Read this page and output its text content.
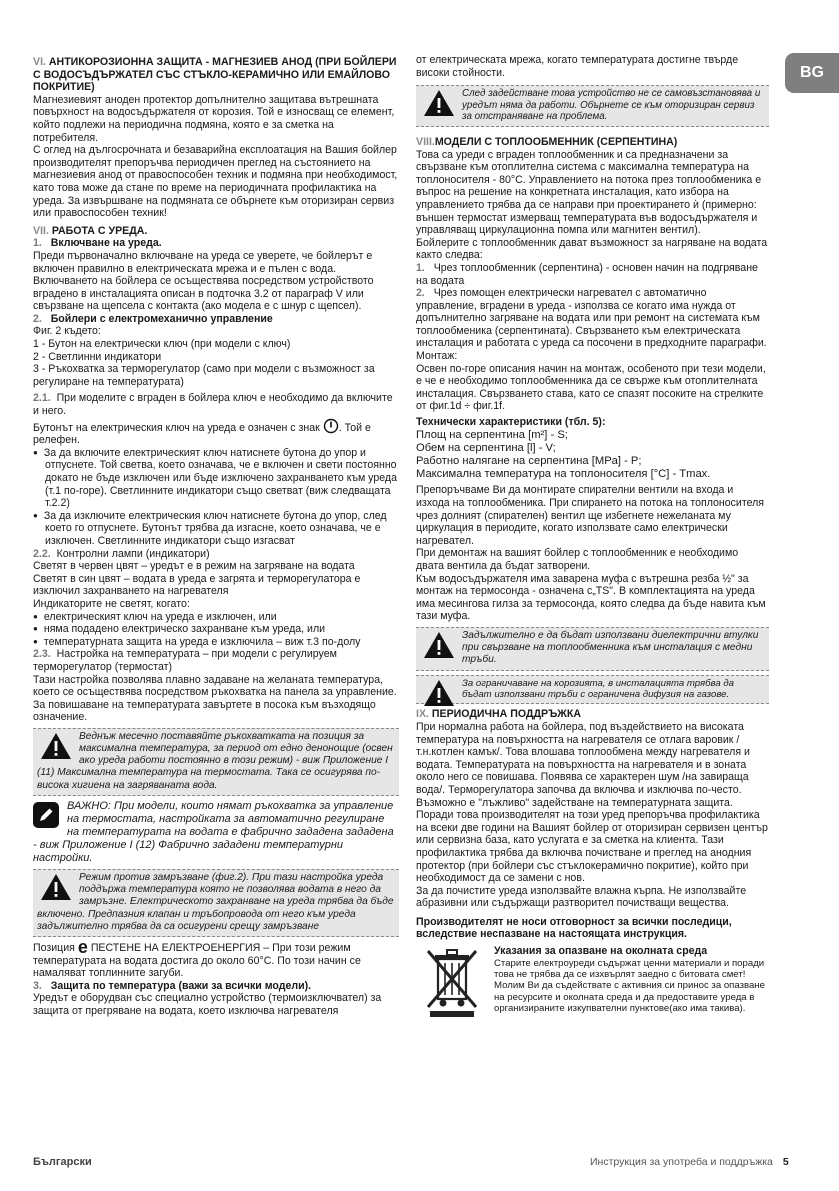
BG

VI. АНТИКОРОЗИОННА ЗАЩИТА - МАГНЕЗИЕВ АНОД (ПРИ БОЙЛЕРИ С ВОДОСЪДЪРЖАТЕЛ СЪС СТЪКЛО-КЕРАМИЧНО ИЛИ ЕМАЙЛОВО ПОКРИТИЕ)

Магнезиевият аноден протектор допълнително защитава вътрешната повърхност на водосъдържателя от корозия. Той е износващ се елемент, който подлежи на периодична подмяна, която е за сметка на потребителя.

С оглед на дългосрочната и безаварийна експлоатация на Вашия бойлер производителят препоръчва периодичен преглед на състоянието на магнезиевия анод от правоспособен техник и подмяна при необходимост, като това може да стане по време на периодичната профилактика на уреда. За извършване на подмяната се обърнете към оторизиран сервиз или правоспособен техник!

VII. РАБОТА С УРЕДА.

1. Включване на уреда.

Преди първоначално включване на уреда се уверете, че бойлерът е включен правилно в електрическата мрежа и е пълен с вода. Включването на бойлера се осъществява посредством устройството вградено в инсталацията описан в подточка 3.2 от параграф V или свързване на щепсела с контакта (ако модела е с шнур с щепсел).

2. Бойлери с електромеханично управление

Фиг. 2 където:

1 - Бутон на електрически ключ (при модели с ключ)

2 - Светлинни индикатори

3 - Ръкохватка за терморегулатор (само при модели с възможност за регулиране на температурата)

2.1. При моделите с вграден в бойлера ключ е необходимо да включите и него.

Бутонът на електрическия ключ на уреда е означен с знак . Той е релефен.

● За да включите електрическият ключ натиснете бутона до упор и отпуснете. Той светва, което означава, че е включен и свети постоянно докато не бъде изключен или бъде изключено захранването към уреда (т.1 по-горе). Светлинните индикатори също светват (виж следващата т.2.2)

● За да изключите електрическия ключ натиснете бутона до упор, след което го отпуснете. Бутонът трябва да изгасне, което означава, че е изключен. Светлинните индикатори също изгасват

2.2. Контролни лампи (индикатори)

Светят в червен цвят – уредът е в режим на загряване на водата

Светят в син цвят – водата в уреда е загрята и терморегулатора е изключил захранването на нагревателя

Индикаторите не светят, когато:

● електрическият ключ на уреда е изключен, или

● няма подадено електрическо захранване към уреда, или

● температурната защита на уреда е изключила – виж т.3 по-долу

2.3. Настройка на температурата – при модели с регулируем терморегулатор (термостат)

Тази настройка позволява плавно задаване на желаната температура, което се осъществява посредством ръкохватка на панела за управление. За повишаване на температурата завъртете в посока към възходящо означение.

Веднъж месечно поставяйте ръкохватката на позиция за максимална температура, за период от едно денонощие (освен ако уреда работи постоянно в този режим) - виж Приложение I (11) Максимална температура на термостата. Така се осигурява по-висока хигиена на загряваната вода.
ВАЖНО: При модели, които нямат ръкохватка за управление на термостата, настройката за автоматично регулиране на температурата на водата е фабрично зададена зададена - виж Приложение I (12) Фабрично зададени температурни настройки.
Режим против замръзване (фиг.2). При тази настройка уреда поддържа температура която не позволява водата в него да замръзне. Електрическото захранване на уреда трябва да бъде включено. Предпазния клапан и тръбопровода от него към уреда задължително трябва да са осигурени срещу замръзване

Позиция e ПЕСТЕНЕ НА ЕЛЕКТРОЕНЕРГИЯ – При този режим температурата на водата достига до около 60°C. По този начин се намаляват топлинните загуби.

3. Защита по температура (важи за всички модели).

Уредът е оборудван със специално устройство (термоизключвател) за защита от прегряване на водата, което изключва нагревателя

от електрическата мрежа, когато температурата достигне твърде високи стойности.

След задействане това устройство не се самовъзстановява и уредът няма да работи. Обърнете се към оторизиран сервиз за отстраняване на проблема.

VIII.МОДЕЛИ С ТОПЛООБМЕННИК (СЕРПЕНТИНА)

Това са уреди с вграден топлообменник и са предназначени за свързване към отоплителна система с максимална температура на топлоносителя - 80°C. Управлението на потока през топлообменика е въпрос на решение на конкретната инсталация, като избора на управлението трябва да се направи при проектирането ѝ (примерно: външен термостат измерващ температурата във водосъдържателя и управляващ циркулационна помпа или магнитен вентил).

Бойлерите с топлообменник дават възможност за нагряване на водата както следва:

1. Чрез топлообменник (серпентина) - основен начин на подгряване на водата

2. Чрез помощен електрически нагревател с автоматично управление, вградени в уреда - използва се когато има нужда от допълнително загряване на водата или при ремонт на системата към топлообменика (серпентината). Свързването към електрическата инсталация и работата с уреда са посочени в предходните параграфи.

Монтаж:

Освен по-горе описания начин на монтаж, особеното при тези модели, е че е необходимо топлообменника да се свърже към отоплителната инсталация. Свързването става, като се спазят посоките на стрелките от фиг.1d ÷ фиг.1f.

Технически характеристики (тбл. 5):

Площ на серпентина [m²] - S;

Обем на серпентина [l] - V;

Работно налягане на серпентина [MPa] - P;

Максимална температура на топлоносителя [°C] - Tmax.

Препоръчваме Ви да монтирате спирателни вентили на входа и изхода на топлообменика. При спирането на потока на топлоносителя чрез долният (спирателен) вентил ще избегнете нежеланата му циркулация в периодите, когато използвате само електрически нагревател.

При демонтаж на вашият бойлер с топлообменник е необходимо двата вентила да бъдат затворени.

Към водосъдържателя има заварена муфа с вътрешна резба ½" за монтаж на термосонда - означена с„TS". В комплектацията на уреда има месингова гилза за термосонда, която следва да бъде навита към тази муфа.

Задължително е да бъдат използвани диелектрични втулки при свързване на топлообменника към инсталация с медни тръби.
За ограничаване на корозията, в инсталацията трябва да бъдат използвани тръби с ограничена дифузия на газове.

IX. ПЕРИОДИЧНА ПОДДРЪЖКА

При нормална работа на бойлера, под въздействието на високата температура на повърхността на нагревателя се отлага варовик /т.н.котлен камък/. Това влошава топлообмена между нагревателя и водата. Температурата на повърхността на нагревателя и в зоната около него се повишава. Появява се характерен шум /на завираща вода/. Терморегулатора започва да включва и изключва по-често. Възможно е "лъжливо" задействане на температурната защита. Поради това производителят на този уред препоръчва профилактика на всеки две години на Вашият бойлер от оторизиран сервизен център или сервизна база, като услугата е за сметка на клиента. Тази профилактика трябва да включва почистване и преглед на анодния протектор (при бойлери със стъклокерамично покритие), който при необходимост да се замени с нов.

За да почистите уреда използвайте влажна кърпа. Не използвайте абразивни или съдържащи разтворител почистващи вещества.

Производителят не носи отговорност за всички последици, вследствие неспазване на настоящата инструкция.

Указания за опазване на околната среда

Старите електроуреди съдържат ценни материали и поради това не трябва да се изхвърлят заедно с битовата смет! Молим Ви да съдействате с активния си принос за опазване на ресурсите и околната среда и да предоставите уреда в организираните изкупвателни пунктове(ако има такива).

Български	Инструкция за употреба и поддръжка 5
